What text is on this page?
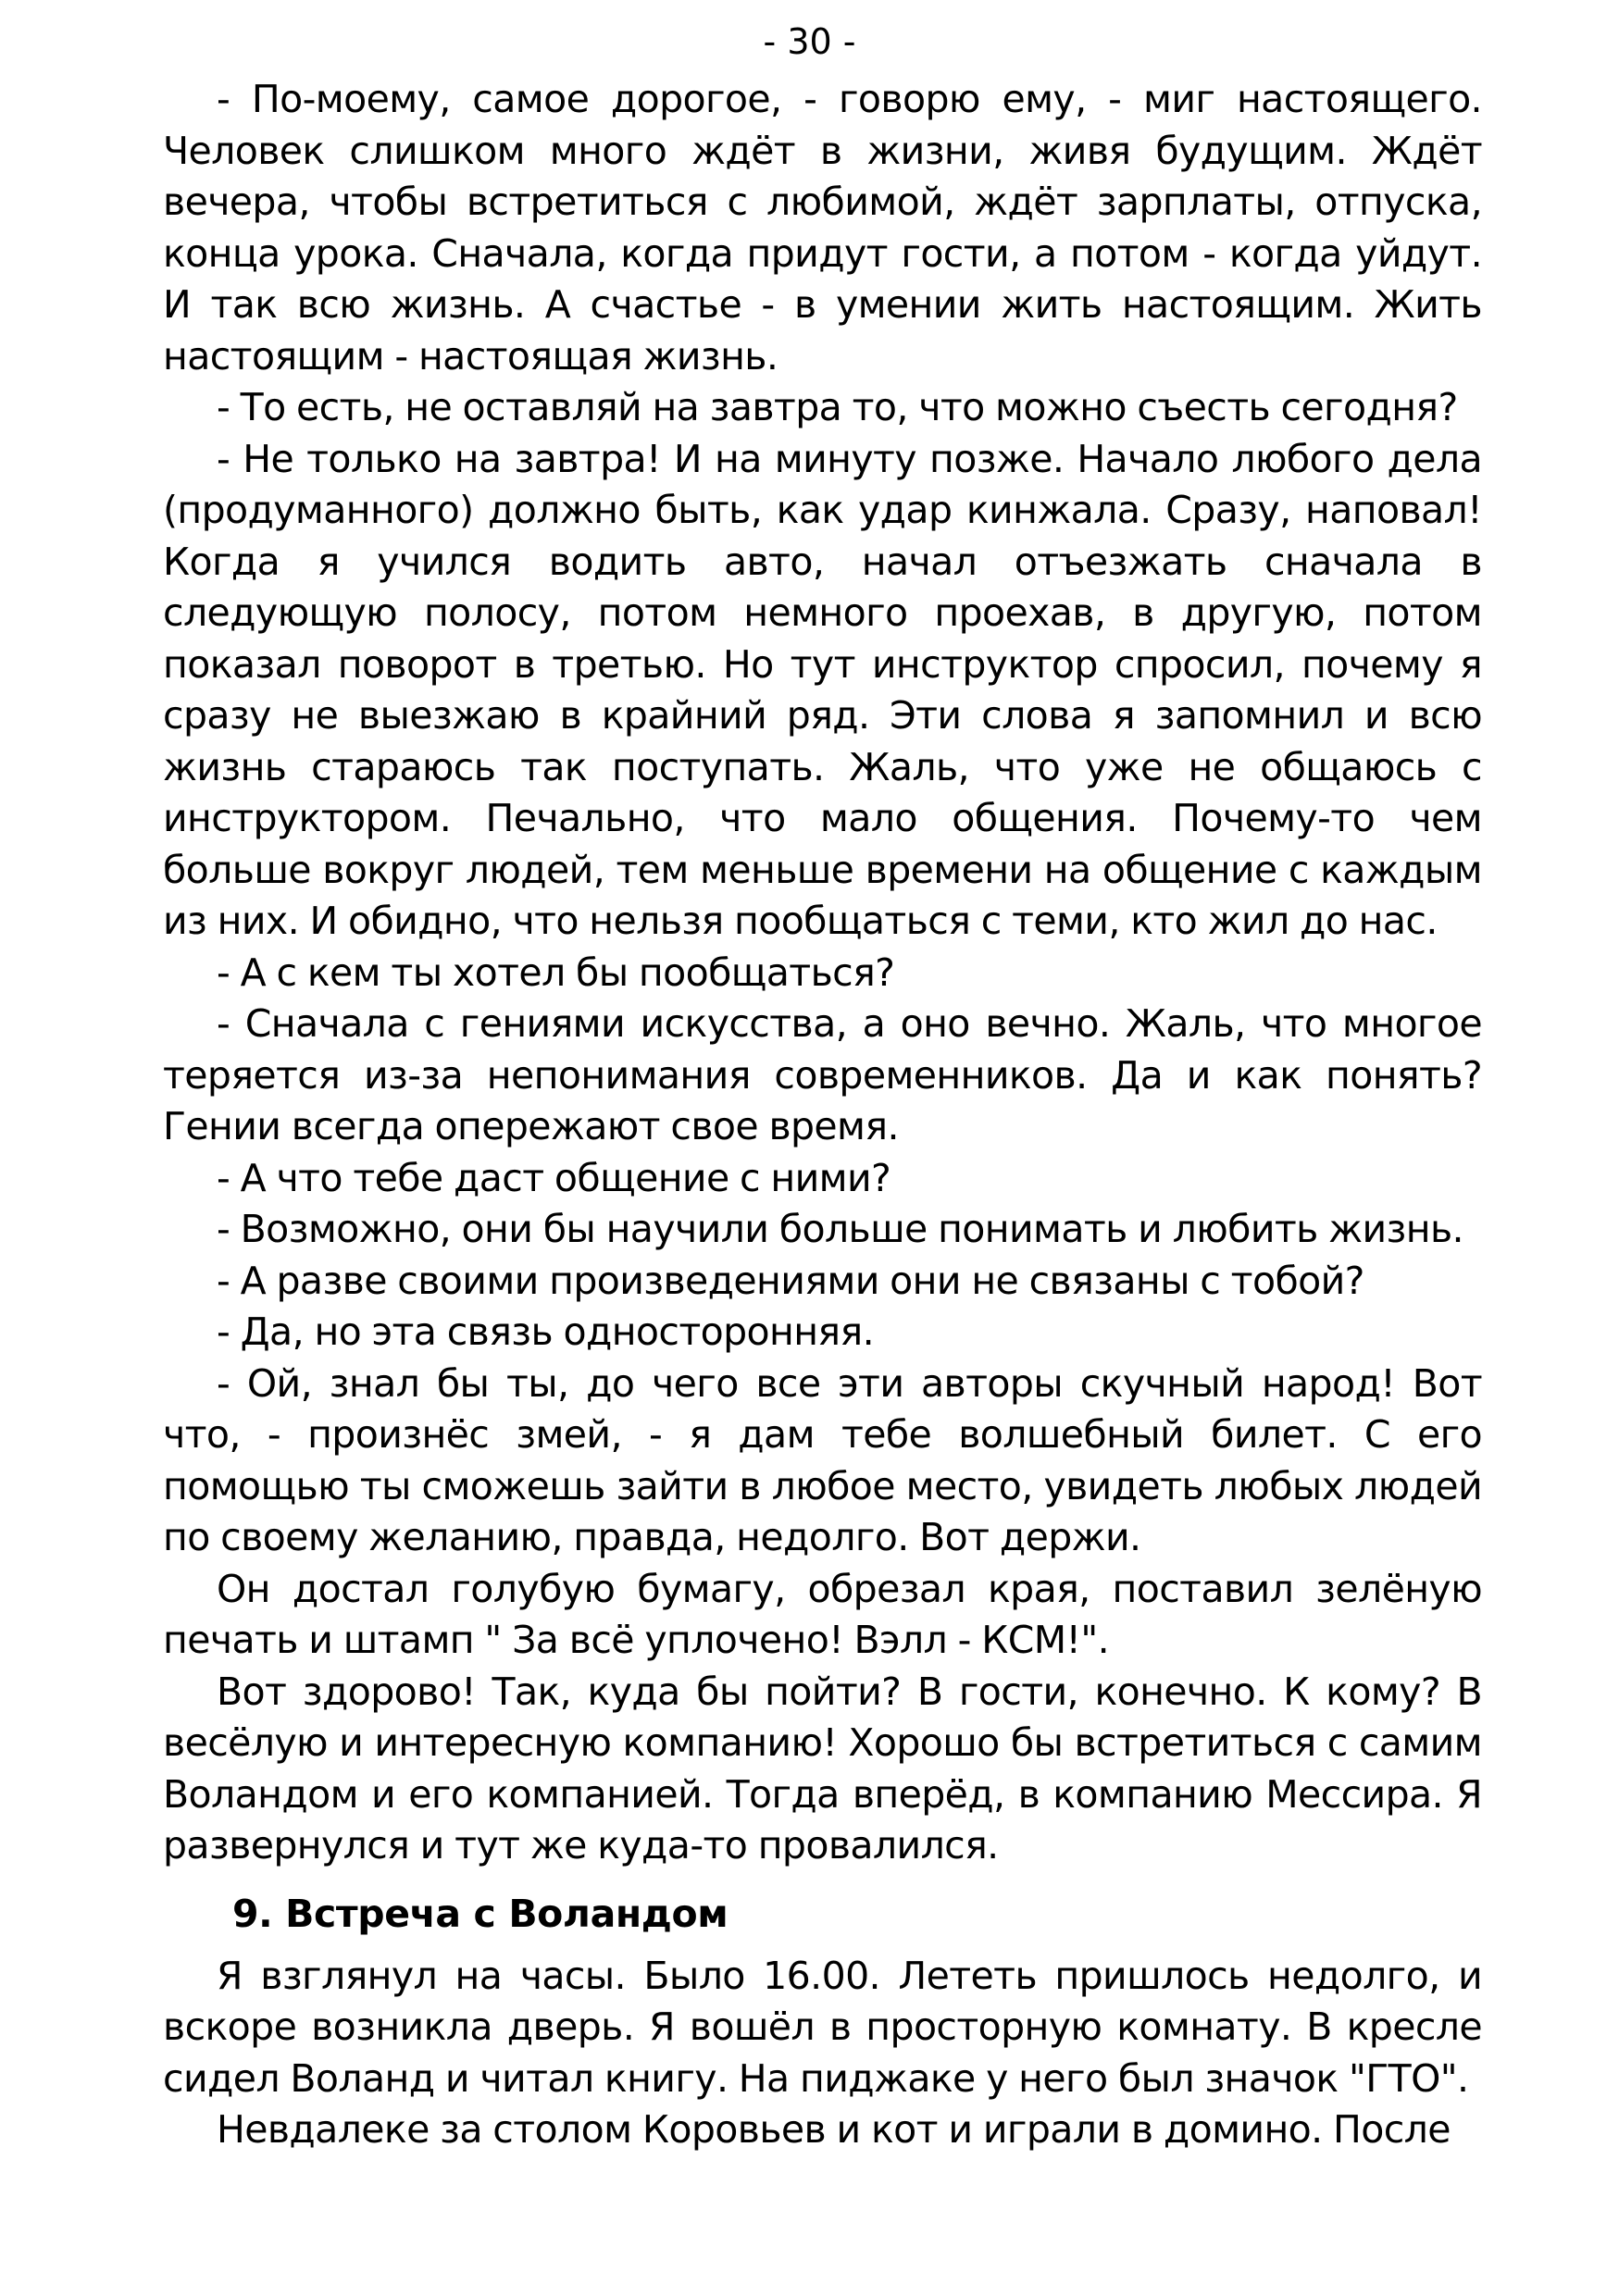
- 30 -

- По-моему, самое дорогое, - говорю ему, - миг настоящего. Человек слишком много ждёт в жизни, живя будущим. Ждёт вечера, чтобы встретиться с любимой, ждёт зарплаты, отпуска, конца урока. Сначала, когда придут гости, а потом - когда уйдут. И так всю жизнь. А счастье - в умении жить настоящим. Жить настоящим - настоящая жизнь.

- То есть, не оставляй на завтра то, что можно съесть сегодня?

- Не только на завтра! И на минуту позже. Начало любого дела (продуманного) должно быть, как удар кинжала. Сразу, наповал! Когда я учился водить авто, начал отъезжать сначала в следующую полосу, потом немного проехав, в другую, потом показал поворот в третью. Но тут инструктор спросил, почему я сразу не выезжаю в крайний ряд. Эти слова я запомнил и всю жизнь стараюсь так поступать. Жаль, что уже не общаюсь с инструктором. Печально, что мало общения. Почему-то чем больше вокруг людей, тем меньше времени на общение с каждым из них. И обидно, что нельзя пообщаться с теми, кто жил до нас.

- А с кем ты хотел бы пообщаться?

- Сначала с гениями искусства, а оно вечно. Жаль, что многое теряется из-за непонимания современников. Да и как понять? Гении всегда опережают свое время.

- А что тебе даст общение с ними?

- Возможно, они бы научили больше понимать и любить жизнь.

- А разве своими произведениями они не связаны с тобой?

- Да, но эта связь односторонняя.

- Ой, знал бы ты, до чего все эти авторы скучный народ! Вот что, - произнёс змей, - я дам тебе волшебный билет. С его помощью ты сможешь зайти в любое место, увидеть любых людей по своему желанию, правда, недолго. Вот держи.

Он достал голубую бумагу, обрезал края, поставил зелёную печать и штамп " За всё уплочено! Вэлл - КСМ!".

Вот здорово! Так, куда бы пойти? В гости, конечно. К кому? В весёлую и интересную компанию! Хорошо бы встретиться с самим Воландом и его компанией. Тогда вперёд, в компанию Мессира. Я развернулся и тут же куда-то провалился.

9. Встреча с Воландом

Я взглянул на часы. Было 16.00. Лететь пришлось недолго, и вскоре возникла дверь. Я вошёл в просторную комнату. В кресле сидел Воланд и читал книгу. На пиджаке у него был значок "ГТО".

Невдалеке за столом Коровьев и кот и играли в домино. После
